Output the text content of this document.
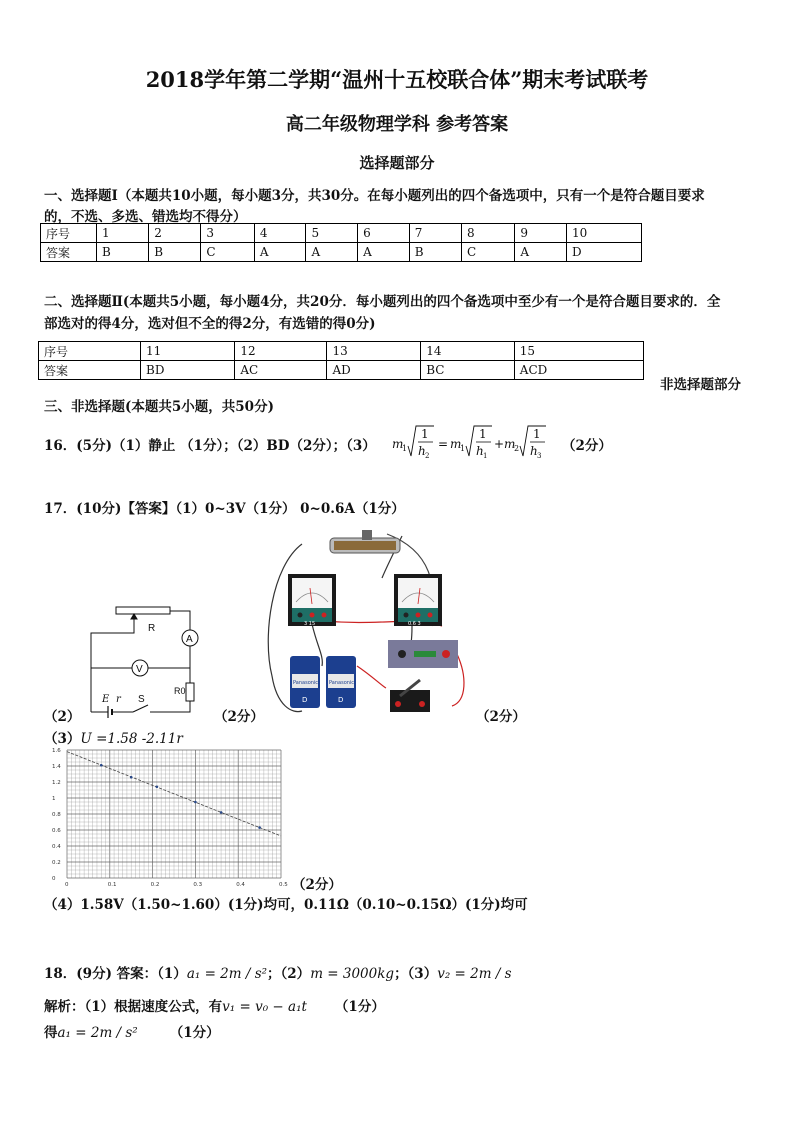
2018学年第二学期“温州十五校联合体”期末考试联考
高二年级物理学科 参考答案
选择题部分
一、选择题Ⅰ（本题共10小题，每小题3分，共30分。在每小题列出的四个备选项中，只有一个是符合题目要求
的，不选、多选、错选均不得分）
序号	1	2	3	4	5	6	7	8	9	10
答案	B	B	C	A	A	A	B	C	A	D
二、选择题Ⅱ(本题共5小题，每小题4分，共20分．每小题列出的四个备选项中至少有一个是符合题目要求的．全
部选对的得4分，选对但不全的得2分，有选错的得0分)
序号	11	12	13	14	15
答案	BD	AC	AD	BC	ACD
非选择题部分
三、非选择题(本题共5小题，共50分)
16．(5分)（1）静止 （1分）；（2）BD（2分）；（3） m
1
1
h 2
= m
1
1
h 1
+ m
2
1
h 3
（2分）
17．(10分)【答案】（1）0~3V（1分） 0~0.6A（1分）
R
A
V
R0
E r S
（2）	（2分）
3 15	0.6 3
Panasonic
D
Panasonic
D
（2分）
（3）U =1.58 -2.11r
0	0.1	0.2	0.3	0.4	0.5
0
0.2
0.4
0.6
0.8
1
1.2
1.4
1.6
（2分）
（4）1.58V（1.50~1.60）(1分)均可，0.11Ω（0.10~0.15Ω）(1分)均可
18．(9分) 答案：（1）a₁ = 2m / s²；（2）m = 3000kg；（3）v₂ = 2m / s
解析：（1）根据速度公式，有v₁ = v₀ − a₁t （1分）
得a₁ = 2m / s² （1分）
